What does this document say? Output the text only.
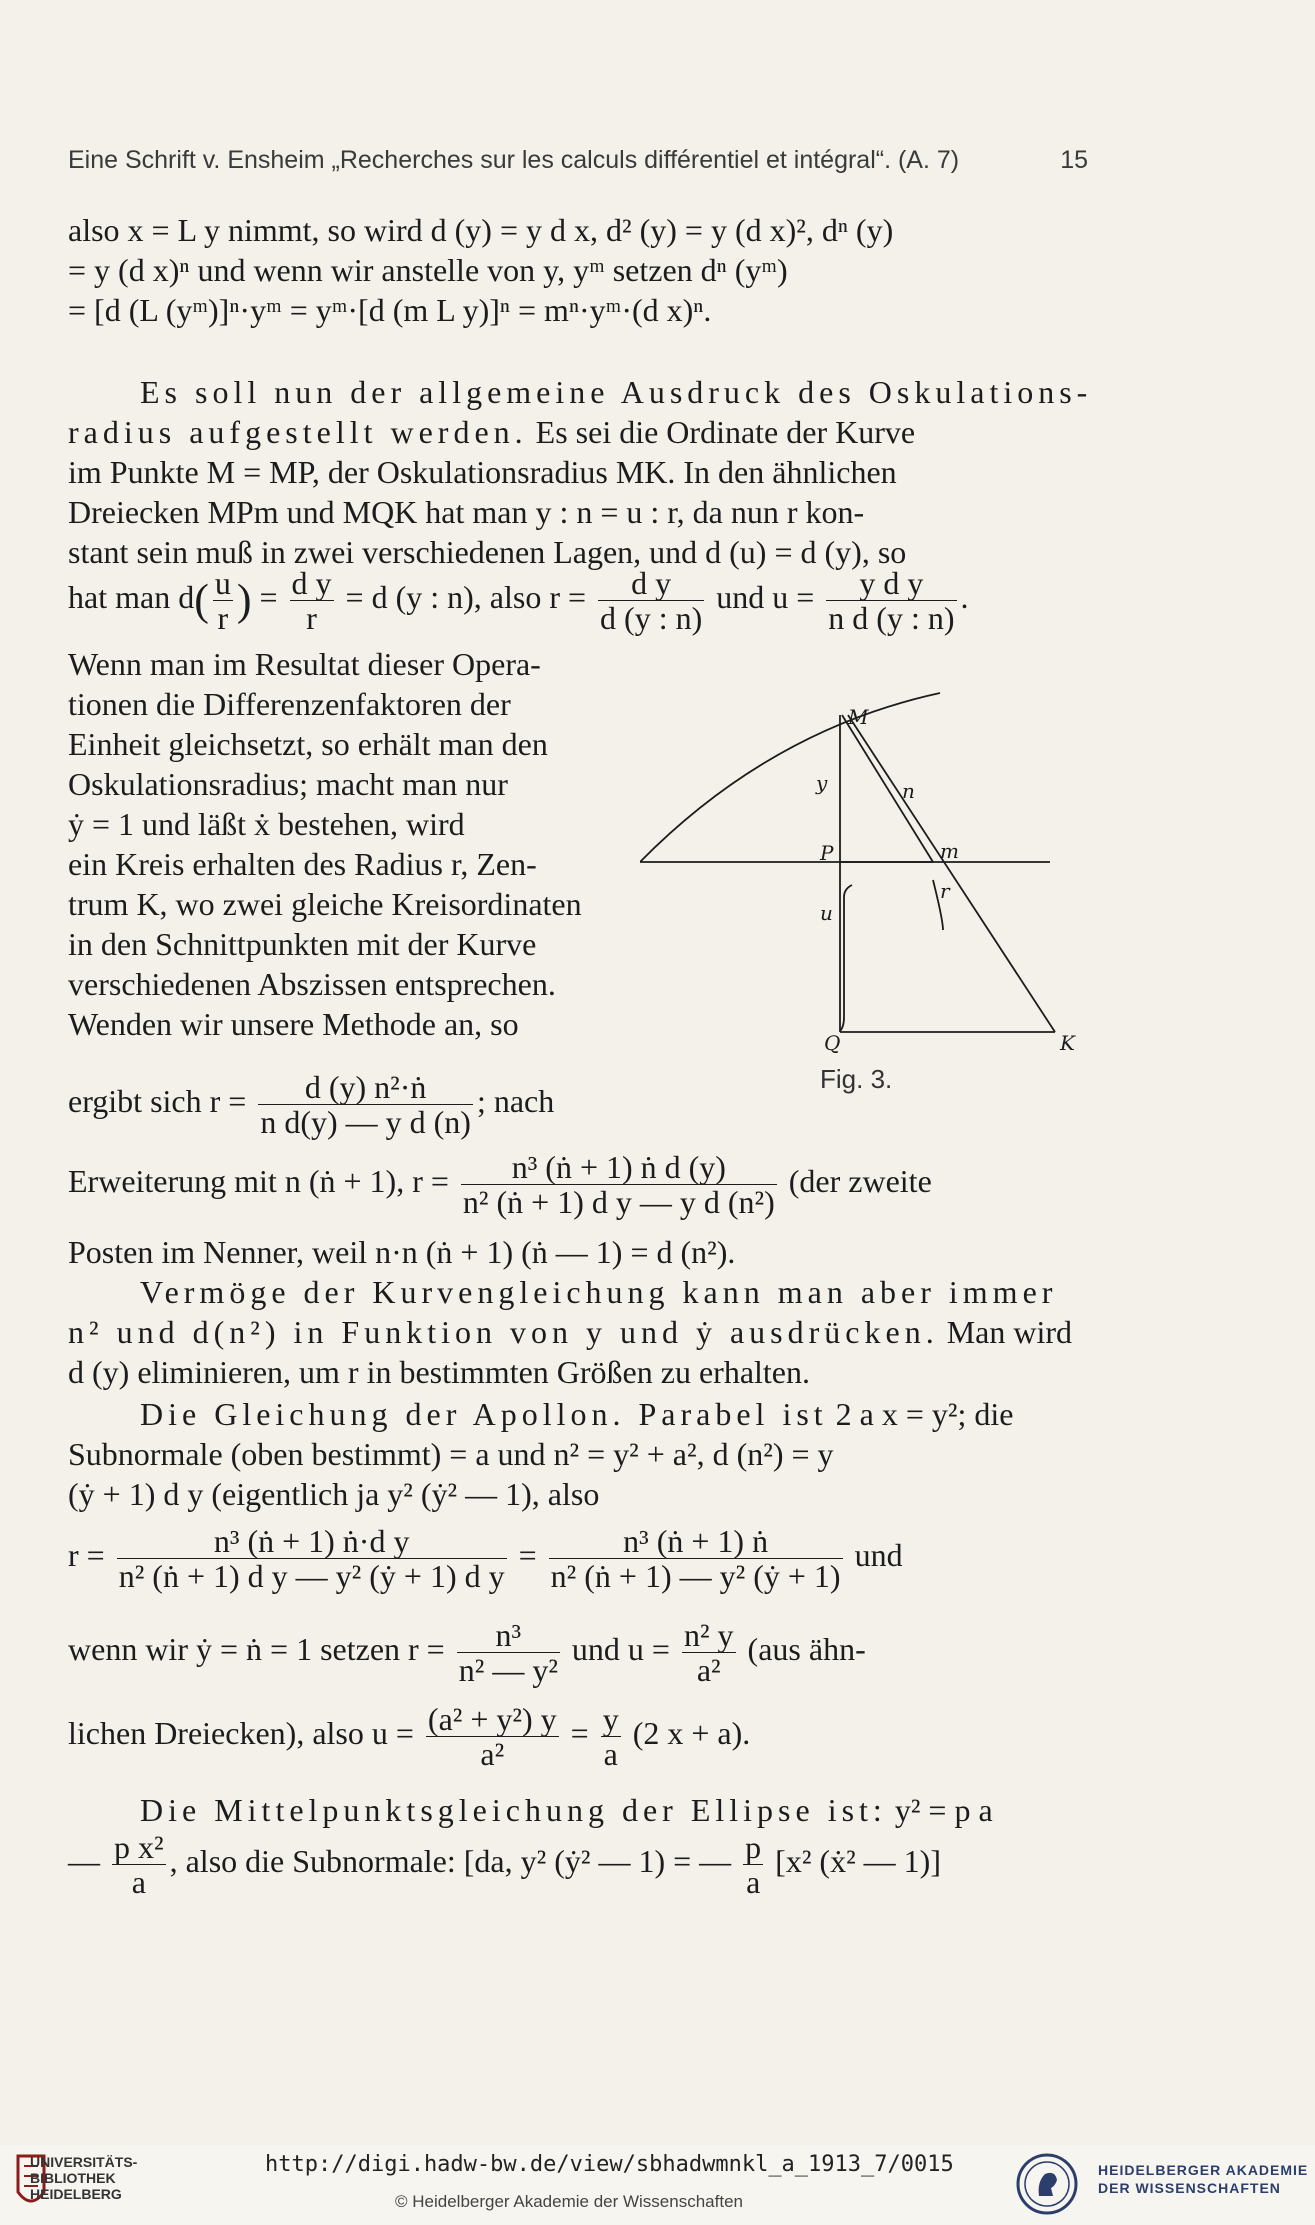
Eine Schrift v. Ensheim „Recherches sur les calculs différentiel et intégral“. (A. 7)	15
also x = L y nimmt, so wird d (y) = y d x, d² (y) = y (d x)², dⁿ (y)
= y (d x)ⁿ und wenn wir anstelle von y, yᵐ setzen dⁿ (yᵐ)
= [d (L (yᵐ)]ⁿ·yᵐ = yᵐ·[d (m L y)]ⁿ = mⁿ·yᵐ·(d x)ⁿ.
Es soll nun der allgemeine Ausdruck des Oskulations-
radius aufgestellt werden. Es sei die Ordinate der Kurve
im Punkte M = MP, der Oskulationsradius MK. In den ähnlichen
Dreiecken MPm und MQK hat man y : n = u : r, da nun r kon-
stant sein muß in zwei verschiedenen Lagen, und d (u) = d (y), so
hat man $d( \frac{u}{r}$ ) = $\frac{\text{d y}}{r} = d$ (y : n), also $r = \frac{\text{d y}}{d (y : n)}$ und $u = \frac{\text{y d y}}{\text{n d (y : n)}}$ .
Wenn man im Resultat dieser Opera-
tionen die Differenzenfaktoren der
Einheit gleichsetzt, so erhält man den
Oskulationsradius; macht man nur
ẏ = 1 und läßt ẋ bestehen, wird
ein Kreis erhalten des Radius r, Zen-
trum K, wo zwei gleiche Kreisordinaten
in den Schnittpunkten mit der Kurve
verschiedenen Abszissen entsprechen.
Wenden wir unsere Methode an, so
M
y	n
P	m
r
u
Q	K
Fig. 3.
ergibt sich $r = \frac{\text{d (y) n²·ṅ}}{\text{n d(y) — y d (n)}}$ ; nach
Erweiterung mit n (ṅ + 1), $r = \frac{\text{n³ (ṅ + 1) ṅ d (y)}}{\text{n² (ṅ + 1) d y — y d (n²)}} (der$ zweite
Posten im Nenner, weil n·n (ṅ + 1) (ṅ — 1) = d (n²).
Vermöge der Kurvengleichung kann man aber immer
n² und d(n²) in Funktion von y und ẏ ausdrücken. Man wird
d (y) eliminieren, um r in bestimmten Größen zu erhalten.
Die Gleichung der Apollon. Parabel ist 2 a x = y²; die
Subnormale (oben bestimmt) = a und n² = y² + a², d (n²) = y
(ẏ + 1) d y (eigentlich ja y² (ẏ² — 1), also
$r = \frac{\text{n³ (ṅ + 1) ṅ·d y}}{\text{n² (ṅ + 1) d y — y² (ẏ + 1) d y}} = \frac{\text{n³ (ṅ + 1) ṅ}}{\text{n² (ṅ + 1) — y² (ẏ + 1)}}$ und
wenn wir ẏ = ṅ = 1 setzen $r = \frac{\text{n³}}{\text{n² — y²}}$ und $u = \frac{\text{n² y}}{\text{a²}} (aus$ ähn-
lichen Dreiecken), also $u = \frac{\text{(a² + y²) y}}{\text{a²}} = \frac{y}{a} (2$ x + a).
Die Mittelpunktsgleichung der Ellipse ist: y² = p a
— $\frac{\text{p x²}}{a}$ , also die Subnormale: [da, y² (ẏ² — 1) = — $\frac{p}{a} [x^2$ (ẋ² — 1)]
UNIVERSITÄTS-
BIBLIOTHEK
HEIDELBERG
http://digi.hadw-bw.de/view/sbhadwmnkl_a_1913_7/0015
© Heidelberger Akademie der Wissenschaften
HEIDELBERGER AKADEMIE
DER WISSENSCHAFTEN
